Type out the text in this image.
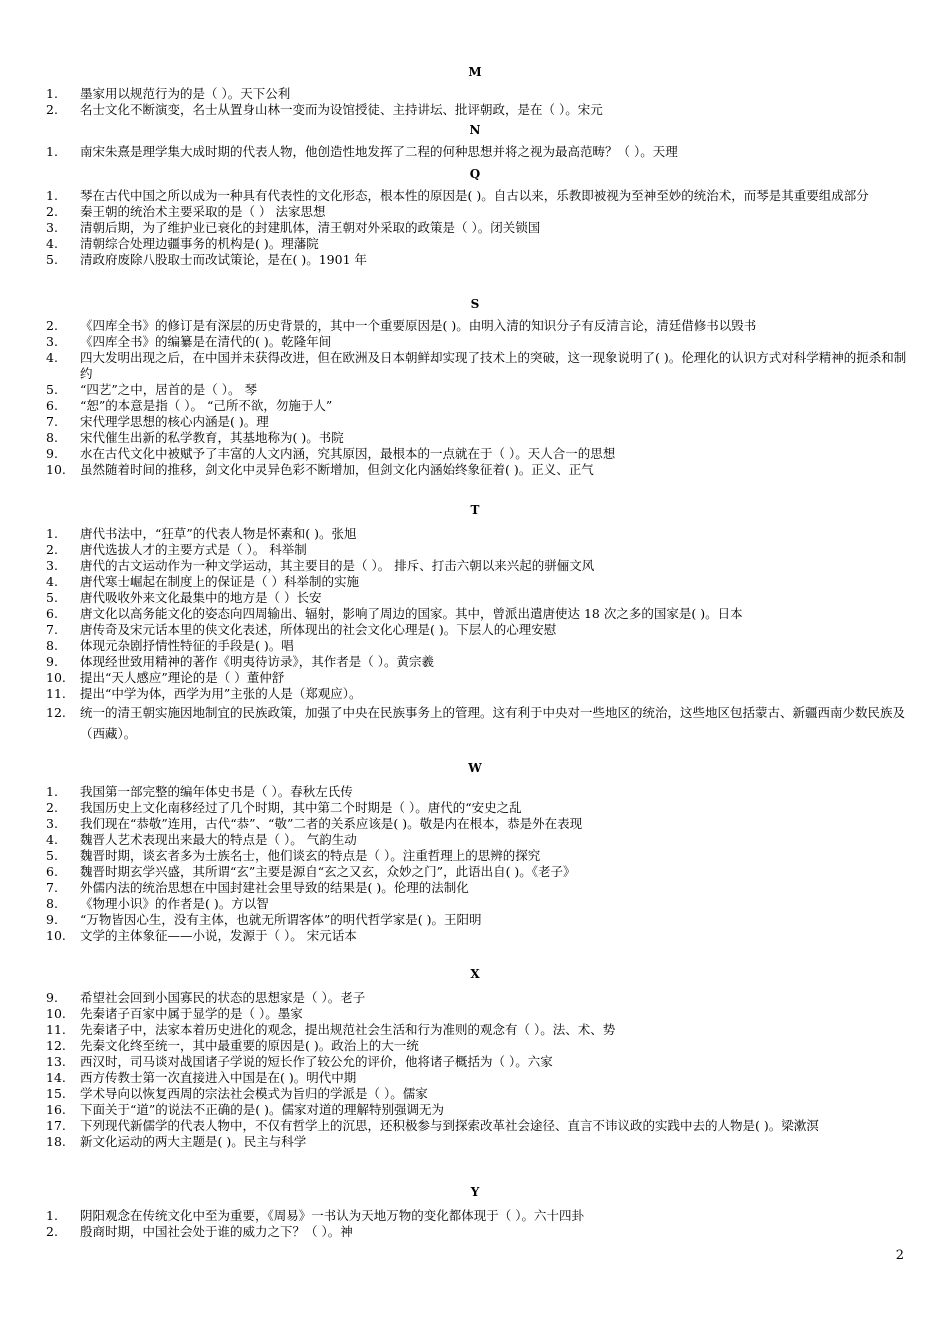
M
1.	墨家用以规范行为的是（ ）。天下公利
2.	名士文化不断演变，名士从置身山林一变而为设馆授徒、主持讲坛、批评朝政，是在（ ）。宋元
N
1.	南宋朱熹是理学集大成时期的代表人物，他创造性地发挥了二程的何种思想并将之视为最高范畴？（ ）。天理
Q
1.	琴在古代中国之所以成为一种具有代表性的文化形态，根本性的原因是( )。自古以来，乐教即被视为至神至妙的统治术，而琴是其重要组成部分
2.	秦王朝的统治术主要采取的是（ ） 法家思想
3.	清朝后期，为了维护业已衰化的封建肌体，清王朝对外采取的政策是（ ）。闭关锁国
4.	清朝综合处理边疆事务的机构是( )。理藩院
5.	清政府废除八股取士而改试策论，是在( )。1901 年
S
2.	《四库全书》的修订是有深层的历史背景的，其中一个重要原因是( )。由明入清的知识分子有反清言论，清廷借修书以毁书
3.	《四库全书》的编纂是在清代的( )。乾隆年间
4.	四大发明出现之后，在中国并未获得改进，但在欧洲及日本朝鲜却实现了技术上的突破，这一现象说明了( )。伦理化的认识方式对科学精神的扼杀和制约
5.	“四艺”之中，居首的是（ ）。 琴
6.	“恕”的本意是指（ ）。 “己所不欲，勿施于人”
7.	宋代理学思想的核心内涵是( )。理
8.	宋代催生出新的私学教育，其基地称为( )。书院
9.	水在古代文化中被赋予了丰富的人文内涵，究其原因，最根本的一点就在于（ ）。天人合一的思想
10.	虽然随着时间的推移，剑文化中灵异色彩不断增加，但剑文化内涵始终象征着( )。正义、正气
T
1.	唐代书法中，“狂草”的代表人物是怀素和( )。张旭
2.	唐代选拔人才的主要方式是（ ）。 科举制
3.	唐代的古文运动作为一种文学运动，其主要目的是（ ）。 排斥、打击六朝以来兴起的骈俪文风
4.	唐代寒士崛起在制度上的保证是（ ）科举制的实施
5.	唐代吸收外来文化最集中的地方是（ ）长安
6.	唐文化以高务能文化的姿态向四周输出、辐射，影响了周边的国家。其中，曾派出遣唐使达 18 次之多的国家是( )。日本
7.	唐传奇及宋元话本里的侠文化表述，所体现出的社会文化心理是( )。下层人的心理安慰
8.	体现元杂剧抒情性特征的手段是( )。唱
9.	体现经世致用精神的著作《明夷待访录》，其作者是（ ）。黄宗羲
10.	提出“天人感应”理论的是（ ）董仲舒
11.	提出“中学为体，西学为用”主张的人是（郑观应）。
12.	统一的清王朝实施因地制宜的民族政策，加强了中央在民族事务上的管理。这有利于中央对一些地区的统治，这些地区包括蒙古、新疆西南少数民族及（西藏）。
W
1.	我国第一部完整的编年体史书是（ ）。春秋左氏传
2.	我国历史上文化南移经过了几个时期，其中第二个时期是（ ）。唐代的“安史之乱
3.	我们现在“恭敬”连用，古代“恭”、“敬”二者的关系应该是( )。敬是内在根本，恭是外在表现
4.	魏晋人艺术表现出来最大的特点是（ ）。 气韵生动
5.	魏晋时期，谈玄者多为士族名士，他们谈玄的特点是（ ）。注重哲理上的思辨的探究
6.	魏晋时期玄学兴盛，其所谓“玄”主要是源自“玄之又玄，众妙之门”，此语出自( )。《老子》
7.	外儒内法的统治思想在中国封建社会里导致的结果是( )。伦理的法制化
8.	《物理小识》的作者是( )。方以智
9.	“万物皆因心生，没有主体，也就无所谓客体”的明代哲学家是( )。王阳明
10.	文学的主体象征——小说，发源于（ ）。 宋元话本
X
9.	希望社会回到小国寡民的状态的思想家是（ ）。老子
10.	先秦诸子百家中属于显学的是（ ）。墨家
11.	先秦诸子中，法家本着历史进化的观念，提出规范社会生活和行为准则的观念有（ ）。法、术、势
12.	先秦文化终至统一，其中最重要的原因是( )。政治上的大一统
13.	西汉时，司马谈对战国诸子学说的短长作了较公允的评价，他将诸子概括为（ ）。六家
14.	西方传教士第一次直接进入中国是在( )。明代中期
15.	学术导向以恢复西周的宗法社会模式为旨归的学派是（ ）。儒家
16.	下面关于“道”的说法不正确的是( )。儒家对道的理解特别强调无为
17.	下列现代新儒学的代表人物中，不仅有哲学上的沉思，还积极参与到探索改革社会途径、直言不讳议政的实践中去的人物是( )。梁漱溟
18.	新文化运动的两大主题是( )。民主与科学
Y
1.	阴阳观念在传统文化中至为重要，《周易》一书认为天地万物的变化都体现于（ ）。六十四卦
2.	殷商时期，中国社会处于谁的威力之下？（ ）。神
2
